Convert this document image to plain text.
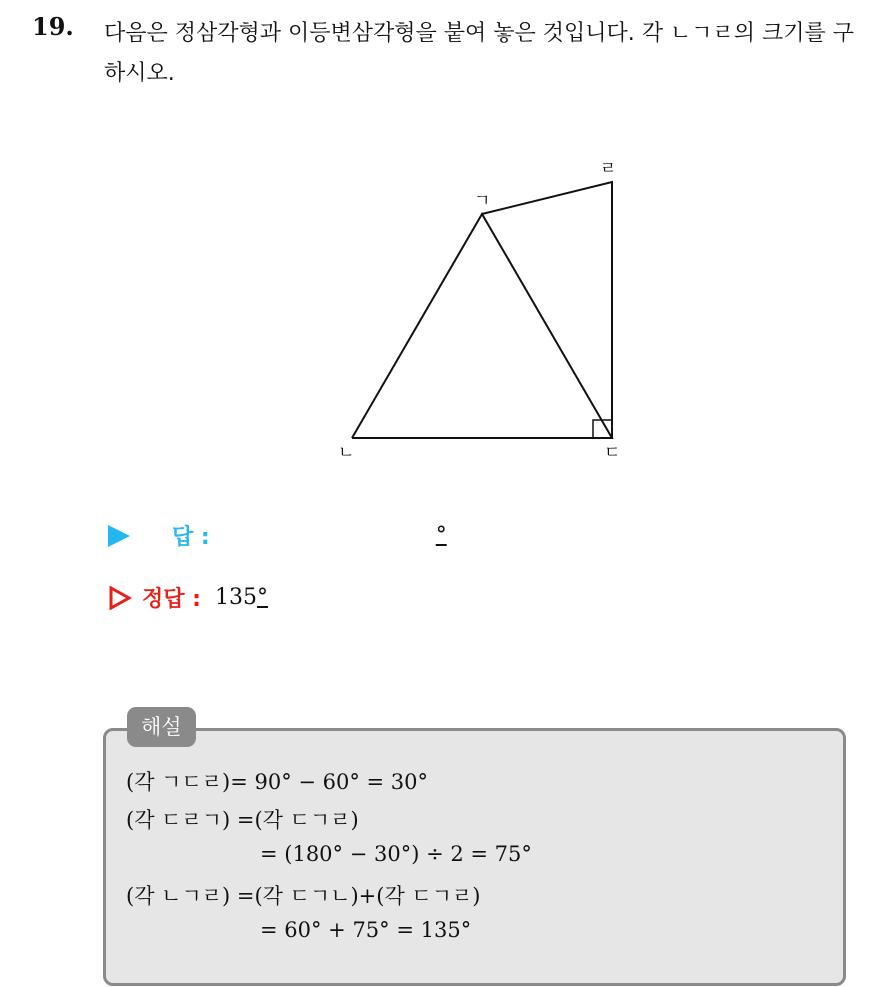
19. 다음은 정삼각형과 이등변삼각형을 붙여 놓은 것입니다. 각 ㄴㄱㄹ의 크기를 구하시오.
ㄱ
ㄴ	ㄷ
ㄹ
답 :	°
정답 : 135°
해설
(각 ㄱㄷㄹ)= 90° − 60° = 30°
(각 ㄷㄹㄱ) =(각 ㄷㄱㄹ)
= (180° − 30°) ÷ 2 = 75°
(각 ㄴㄱㄹ) =(각 ㄷㄱㄴ)+(각 ㄷㄱㄹ)
= 60° + 75° = 135°
